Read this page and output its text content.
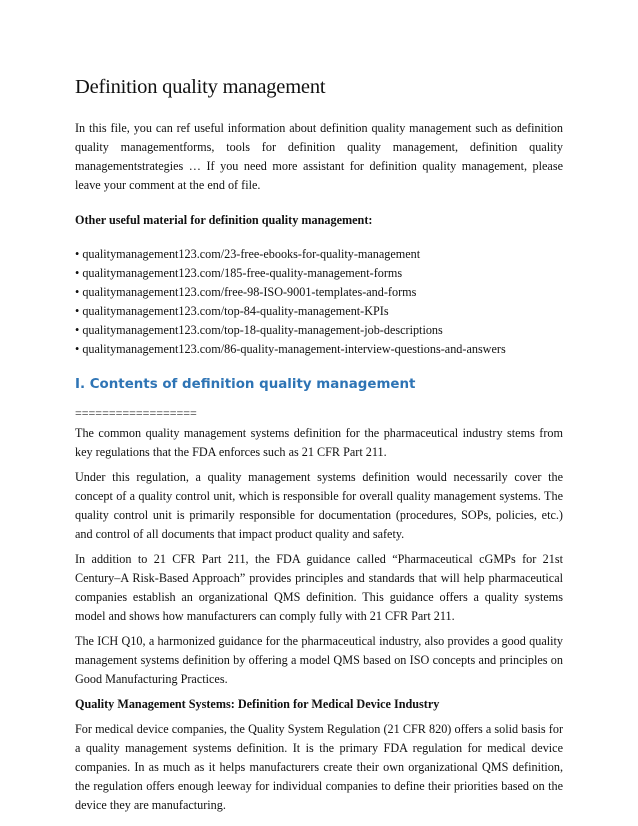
Definition quality management

In this file, you can ref useful information about definition quality management such as definition quality managementforms, tools for definition quality management, definition quality managementstrategies … If you need more assistant for definition quality management, please leave your comment at the end of file.

Other useful material for definition quality management:

• qualitymanagement123.com/23-free-ebooks-for-quality-management
• qualitymanagement123.com/185-free-quality-management-forms
• qualitymanagement123.com/free-98-ISO-9001-templates-and-forms
• qualitymanagement123.com/top-84-quality-management-KPIs
• qualitymanagement123.com/top-18-quality-management-job-descriptions
• qualitymanagement123.com/86-quality-management-interview-questions-and-answers
I. Contents of definition quality management
==================

The common quality management systems definition for the pharmaceutical industry stems from key regulations that the FDA enforces such as 21 CFR Part 211.

Under this regulation, a quality management systems definition would necessarily cover the concept of a quality control unit, which is responsible for overall quality management systems. The quality control unit is primarily responsible for documentation (procedures, SOPs, policies, etc.) and control of all documents that impact product quality and safety.

In addition to 21 CFR Part 211, the FDA guidance called “Pharmaceutical cGMPs for 21st Century–A Risk-Based Approach” provides principles and standards that will help pharmaceutical companies establish an organizational QMS definition. This guidance offers a quality systems model and shows how manufacturers can comply fully with 21 CFR Part 211.

The ICH Q10, a harmonized guidance for the pharmaceutical industry, also provides a good quality management systems definition by offering a model QMS based on ISO concepts and principles on Good Manufacturing Practices.

Quality Management Systems: Definition for Medical Device Industry

For medical device companies, the Quality System Regulation (21 CFR 820) offers a solid basis for a quality management systems definition. It is the primary FDA regulation for medical device companies. In as much as it helps manufacturers create their own organizational QMS definition, the regulation offers enough leeway for individual companies to define their priorities based on the device they are manufacturing.
